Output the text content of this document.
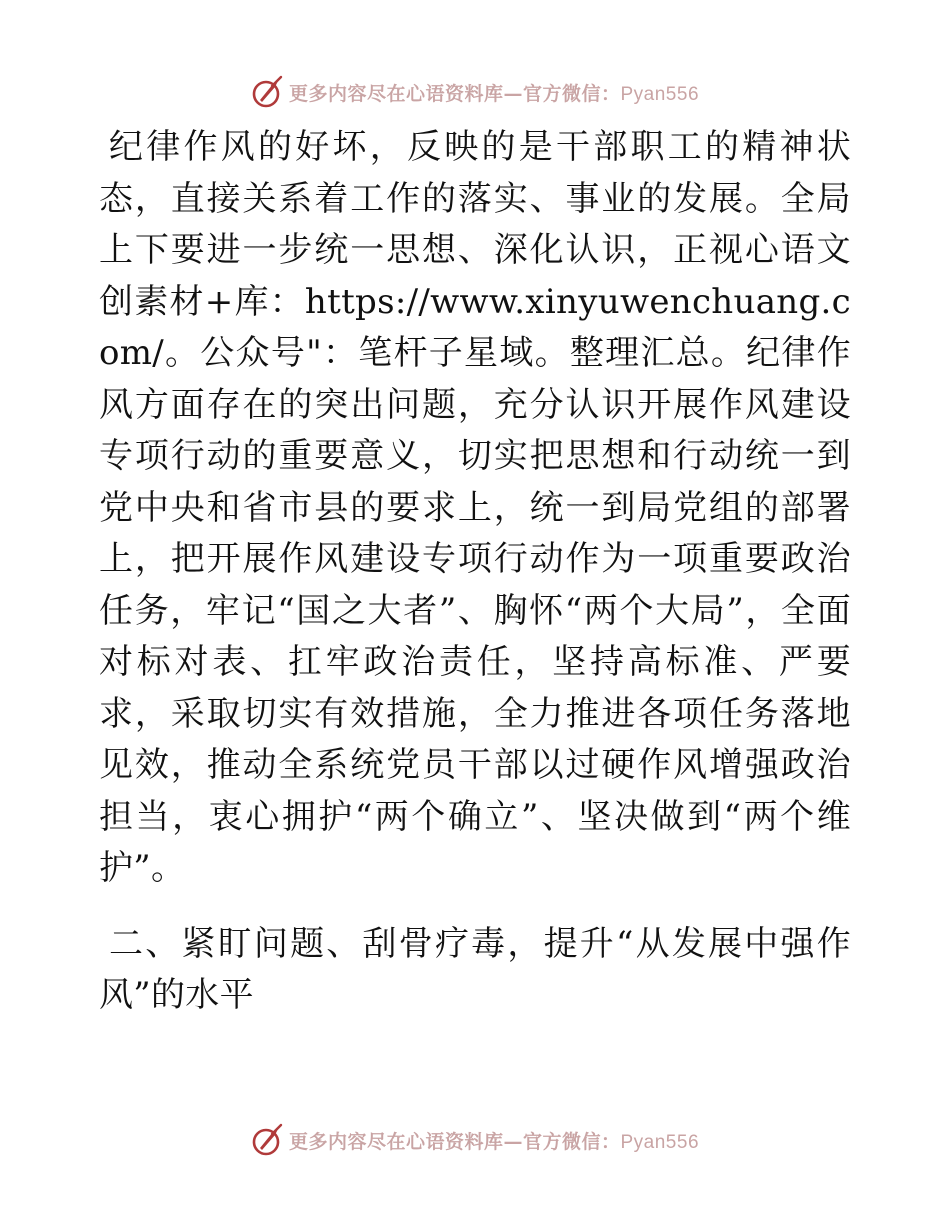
更多内容尽在心语资料库—官方微信：Pyan556

纪律作风的好坏，反映的是干部职工的精神状态，直接关系着工作的落实、事业的发展。全局上下要进一步统一思想、深化认识，正视心语文创素材+库：https://www.xinyuwenchuang.com/。公众号"：笔杆子星域。整理汇总。纪律作风方面存在的突出问题，充分认识开展作风建设专项行动的重要意义，切实把思想和行动统一到党中央和省市县的要求上，统一到局党组的部署上，把开展作风建设专项行动作为一项重要政治任务，牢记“国之大者”、胸怀“两个大局”，全面对标对表、扛牢政治责任，坚持高标准、严要求，采取切实有效措施，全力推进各项任务落地见效，推动全系统党员干部以过硬作风增强政治担当，衷心拥护“两个确立”、坚决做到“两个维护”。

二、紧盯问题、刮骨疗毒，提升“从发展中强作风”的水平

更多内容尽在心语资料库—官方微信：Pyan556
